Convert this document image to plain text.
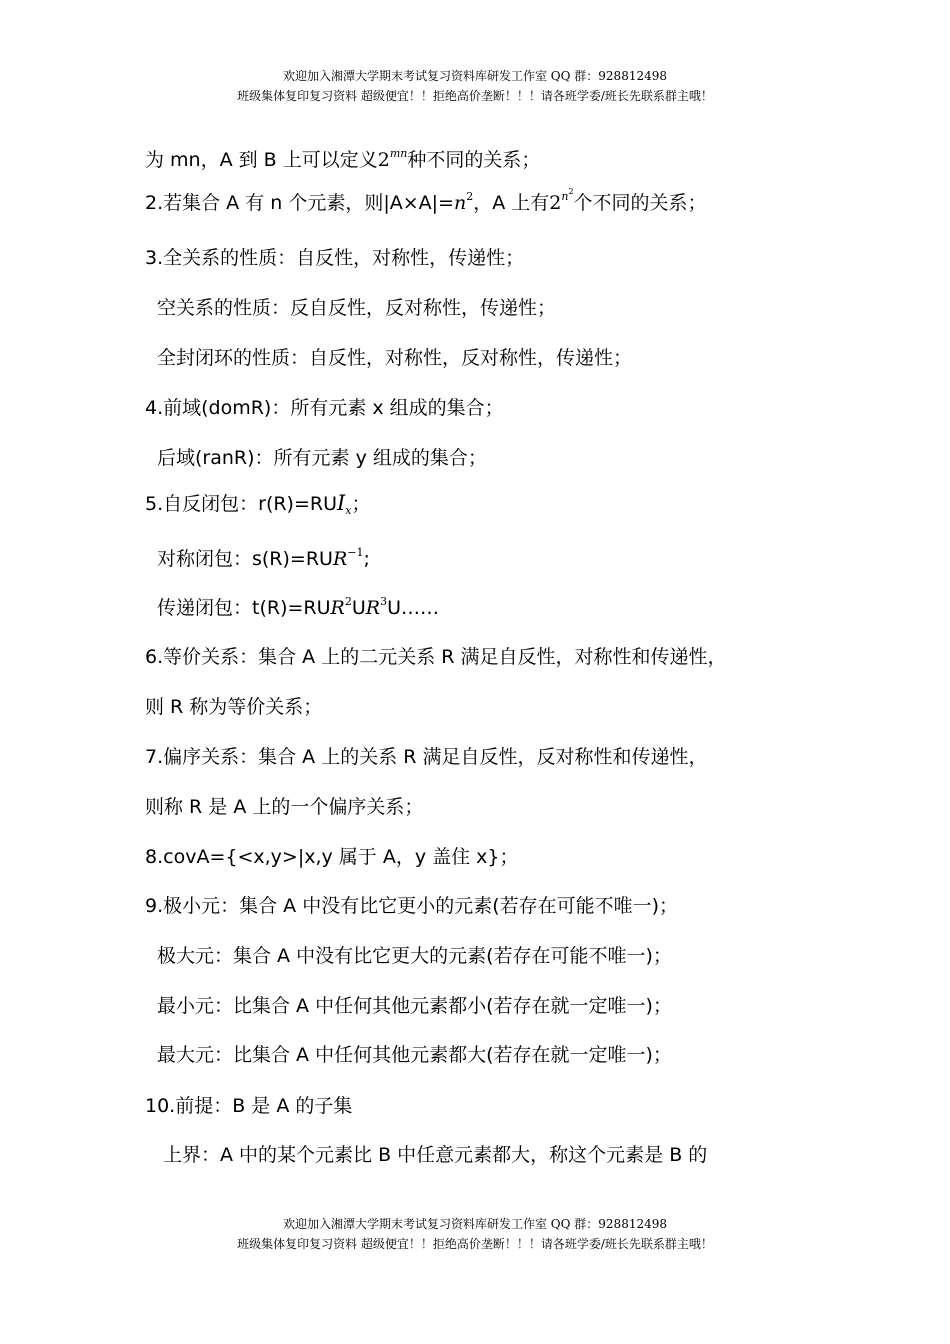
欢迎加入湘潭大学期末考试复习资料库研发工作室 QQ 群：928812498
班级集体复印复习资料 超级便宜！！拒绝高价垄断！！！请各班学委/班长先联系群主哦！
为 mn，A 到 B 上可以定义$2^{mn}$种不同的关系；
2.若集合 A 有 n 个元素，则$|A\times A|=n^2$，A 上有$2^{n^2}$个不同的关系；
3.全关系的性质：自反性，对称性，传递性；
空关系的性质：反自反性，反对称性，传递性；
全封闭环的性质：自反性，对称性，反对称性，传递性；
4.前域(domR)：所有元素 x 组成的集合；
后域(ranR)：所有元素 y 组成的集合；
5.自反闭包：$r(R)=RUI_x$；
对称闭包：$s(R)=RUR^{-1}$;
传递闭包：$t(R)=RUR^2UR^3U\dots\dots$
6.等价关系：集合 A 上的二元关系 R 满足自反性，对称性和传递性，
则 R 称为等价关系；
7.偏序关系：集合 A 上的关系 R 满足自反性，反对称性和传递性，
则称 R 是 A 上的一个偏序关系；
8.covA={<x,y>|x,y 属于 A，y 盖住 x}；
9.极小元：集合 A 中没有比它更小的元素(若存在可能不唯一)；
极大元：集合 A 中没有比它更大的元素(若存在可能不唯一)；
最小元：比集合 A 中任何其他元素都小(若存在就一定唯一)；
最大元：比集合 A 中任何其他元素都大(若存在就一定唯一)；
10.前提：B 是 A 的子集
上界：A 中的某个元素比 B 中任意元素都大，称这个元素是 B 的
欢迎加入湘潭大学期末考试复习资料库研发工作室 QQ 群：928812498
班级集体复印复习资料 超级便宜！！拒绝高价垄断！！！请各班学委/班长先联系群主哦！
